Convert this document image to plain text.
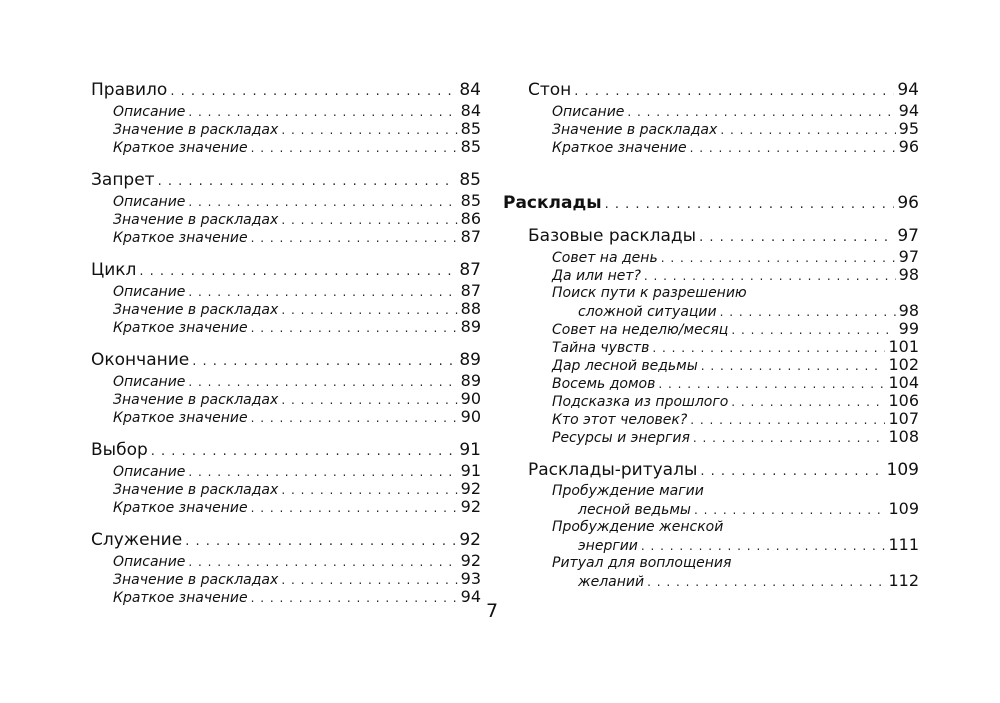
Правило . . .	84
Описание . . .	84
Значение в раскладах . . .	85
Краткое значение . . .	85
Запрет . . .	85
Описание . . .	85
Значение в раскладах . . .	86
Краткое значение . . .	87
Цикл . . .	87
Описание . . .	87
Значение в раскладах . . .	88
Краткое значение . . .	89
Окончание . . .	89
Описание . . .	89
Значение в раскладах . . .	90
Краткое значение . . .	90
Выбор . . .	91
Описание . . .	91
Значение в раскладах . . .	92
Краткое значение . . .	92
Служение . . .	92
Описание . . .	92
Значение в раскладах . . .	93
Краткое значение . . .	94
Стон . . .	94
Описание . . .	94
Значение в раскладах . . .	95
Краткое значение . . .	96
Расклады . . .	96
Базовые расклады . . .	97
Совет на день . . .	97
Да или нет? . . .	98
Поиск пути к разрешению
сложной ситуации . . .	98
Совет на неделю/месяц . . .	99
Тайна чувств . . .	101
Дар лесной ведьмы . . .	102
Восемь домов . . .	104
Подсказка из прошлого . . .	106
Кто этот человек? . . .	107
Ресурсы и энергия . . .	108
Расклады-ритуалы . . .	109
Пробуждение магии
лесной ведьмы . . .	109
Пробуждение женской
энергии . . .	111
Ритуал для воплощения
желаний . . .	112
7
